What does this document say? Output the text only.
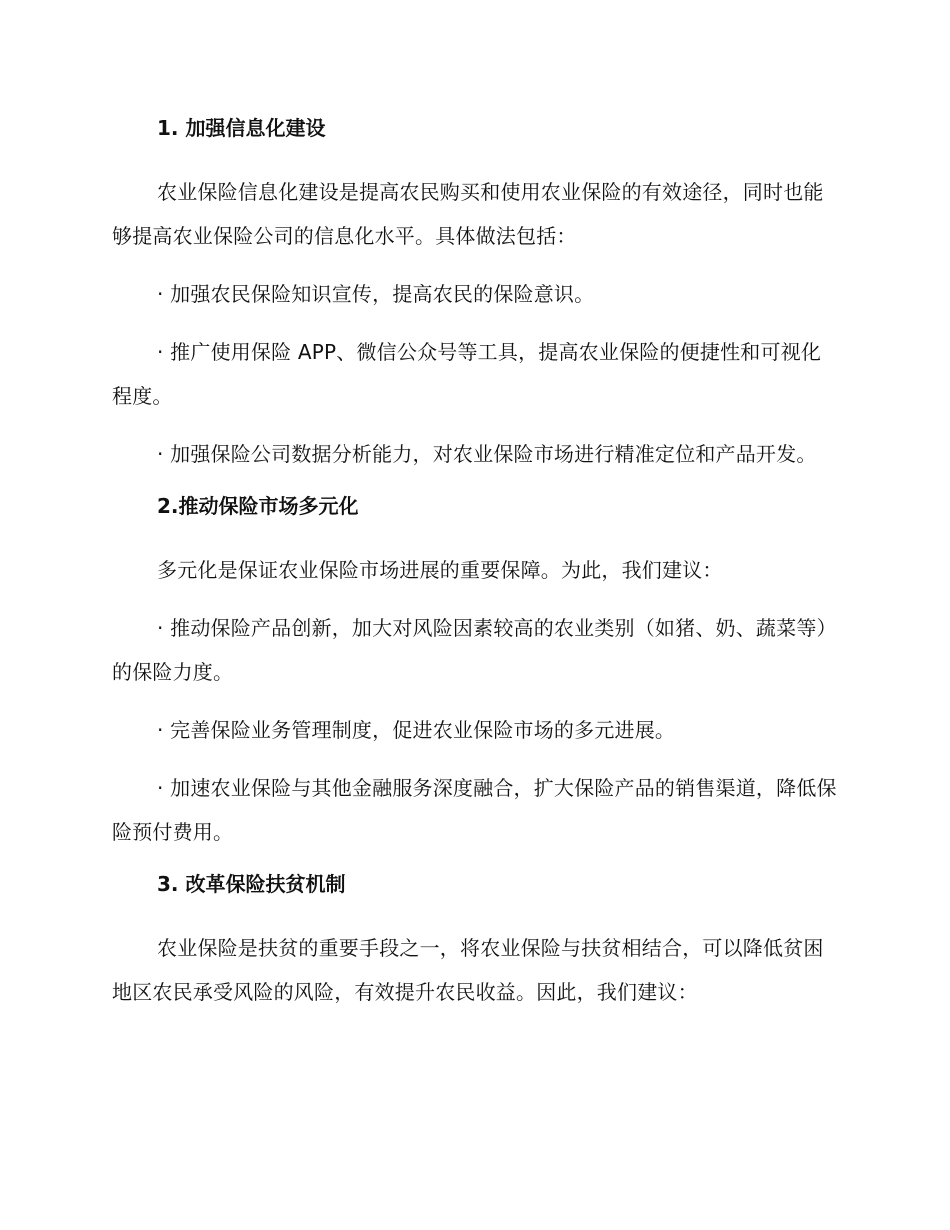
1. 加强信息化建设

农业保险信息化建设是提高农民购买和使用农业保险的有效途径，同时也能够提高农业保险公司的信息化水平。具体做法包括：

· 加强农民保险知识宣传，提高农民的保险意识。

· 推广使用保险 APP、微信公众号等工具，提高农业保险的便捷性和可视化程度。

· 加强保险公司数据分析能力，对农业保险市场进行精准定位和产品开发。

2.推动保险市场多元化

多元化是保证农业保险市场进展的重要保障。为此，我们建议：

· 推动保险产品创新，加大对风险因素较高的农业类别（如猪、奶、蔬菜等）的保险力度。

· 完善保险业务管理制度，促进农业保险市场的多元进展。

· 加速农业保险与其他金融服务深度融合，扩大保险产品的销售渠道，降低保险预付费用。

3. 改革保险扶贫机制

农业保险是扶贫的重要手段之一，将农业保险与扶贫相结合，可以降低贫困地区农民承受风险的风险，有效提升农民收益。因此，我们建议：
